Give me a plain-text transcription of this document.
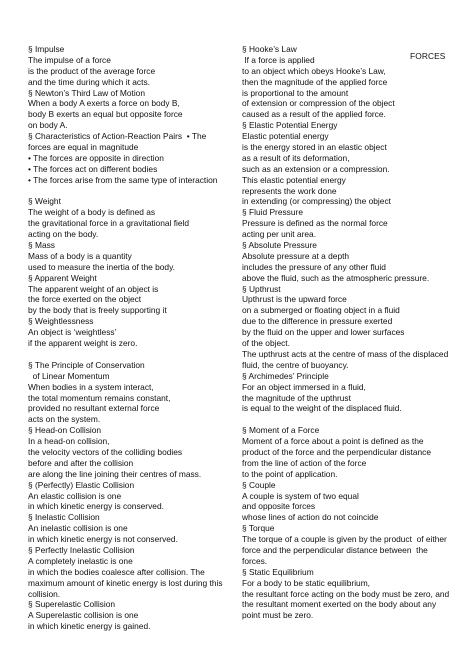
FORCES
§ Impulse
The impulse of a force
is the product of the average force
and the time during which it acts.
§ Newton’s Third Law of Motion
When a body A exerts a force on body B,
body B exerts an equal but opposite force
on body A.
§ Characteristics of Action-Reaction Pairs  • The
forces are equal in magnitude
• The forces are opposite in direction
• The forces act on different bodies
• The forces arise from the same type of interaction
§ Weight
The weight of a body is defined as
the gravitational force in a gravitational field
acting on the body.
§ Mass
Mass of a body is a quantity
used to measure the inertia of the body.
§ Apparent Weight
The apparent weight of an object is
the force exerted on the object
by the body that is freely supporting it
§ Weightlessness
An object is ‘weightless’
if the apparent weight is zero.
§ The Principle of Conservation
of Linear Momentum
When bodies in a system interact,
the total momentum remains constant,
provided no resultant external force
acts on the system.
§ Head-on Collision
In a head-on collision,
the velocity vectors of the colliding bodies
before and after the collision
are along the line joining their centres of mass.
§ (Perfectly) Elastic Collision
An elastic collision is one
in which kinetic energy is conserved.
§ Inelastic Collision
An inelastic collision is one
in which kinetic energy is not conserved.
§ Perfectly Inelastic Collision
A completely inelastic is one
in which the bodies coalesce after collision. The
maximum amount of kinetic energy is lost during this
collision.
§ Superelastic Collision
A Superelastic collision is one
in which kinetic energy is gained.
§ Hooke’s Law
If a force is applied
to an object which obeys Hooke’s Law,
then the magnitude of the applied force
is proportional to the amount
of extension or compression of the object
caused as a result of the applied force.
§ Elastic Potential Energy
Elastic potential energy
is the energy stored in an elastic object
as a result of its deformation,
such as an extension or a compression.
This elastic potential energy
represents the work done
in extending (or compressing) the object
§ Fluid Pressure
Pressure is defined as the normal force
acting per unit area.
§ Absolute Pressure
Absolute pressure at a depth
includes the pressure of any other fluid
above the fluid, such as the atmospheric pressure.
§ Upthrust
Upthrust is the upward force
on a submerged or floating object in a fluid
due to the difference in pressure exerted
by the fluid on the upper and lower surfaces
of the object.
The upthrust acts at the centre of mass of the displaced
fluid, the centre of buoyancy.
§ Archimedes’ Principle
For an object immersed in a fluid,
the magnitude of the upthrust
is equal to the weight of the displaced fluid.
§ Moment of a Force
Moment of a force about a point is defined as the
product of the force and the perpendicular distance
from the line of action of the force
to the point of application.
§ Couple
A couple is system of two equal
and opposite forces
whose lines of action do not coincide
§ Torque
The torque of a couple is given by the product  of either
force and the perpendicular distance between  the
forces.
§ Static Equilibrium
For a body to be static equilibrium,
the resultant force acting on the body must be zero, and
the resultant moment exerted on the body about any
point must be zero.
